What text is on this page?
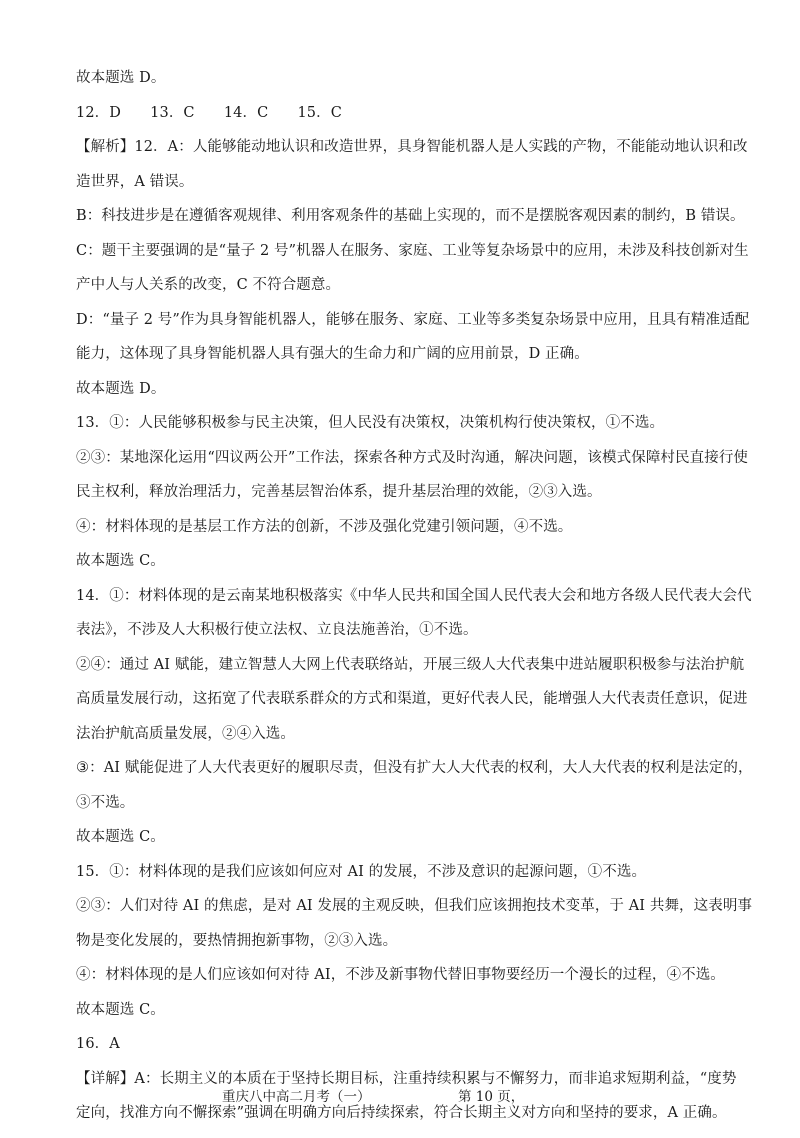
故本题选 D。
12．D　　13．C　　14．C　　15．C
【解析】12．A：人能够能动地认识和改造世界，具身智能机器人是人实践的产物，不能能动地认识和改
造世界，A 错误。
B：科技进步是在遵循客观规律、利用客观条件的基础上实现的，而不是摆脱客观因素的制约，B 错误。
C：题干主要强调的是“量子 2 号”机器人在服务、家庭、工业等复杂场景中的应用，未涉及科技创新对生
产中人与人关系的改变，C 不符合题意。
D：“量子 2 号”作为具身智能机器人，能够在服务、家庭、工业等多类复杂场景中应用，且具有精准适配
能力，这体现了具身智能机器人具有强大的生命力和广阔的应用前景，D 正确。
故本题选 D。
13．①：人民能够积极参与民主决策，但人民没有决策权，决策机构行使决策权，①不选。
②③：某地深化运用“四议两公开”工作法，探索各种方式及时沟通，解决问题，该模式保障村民直接行使
民主权利，释放治理活力，完善基层智治体系，提升基层治理的效能，②③入选。
④：材料体现的是基层工作方法的创新，不涉及强化党建引领问题，④不选。
故本题选 C。
14．①：材料体现的是云南某地积极落实《中华人民共和国全国人民代表大会和地方各级人民代表大会代
表法》，不涉及人大积极行使立法权、立良法施善治，①不选。
②④：通过 AI 赋能，建立智慧人大网上代表联络站，开展三级人大代表集中进站履职积极参与法治护航
高质量发展行动，这拓宽了代表联系群众的方式和渠道，更好代表人民，能增强人大代表责任意识，促进
法治护航高质量发展，②④入选。
③：AI 赋能促进了人大代表更好的履职尽责，但没有扩大人大代表的权利，大人大代表的权利是法定的，
③不选。
故本题选 C。
15．①：材料体现的是我们应该如何应对 AI 的发展，不涉及意识的起源问题，①不选。
②③：人们对待 AI 的焦虑，是对 AI 发展的主观反映，但我们应该拥抱技术变革，于 AI 共舞，这表明事
物是变化发展的，要热情拥抱新事物，②③入选。
④：材料体现的是人们应该如何对待 AI，不涉及新事物代替旧事物要经历一个漫长的过程，④不选。
故本题选 C。
16．A
【详解】A：长期主义的本质在于坚持长期目标，注重持续积累与不懈努力，而非追求短期利益，“度势
定向，找准方向不懈探索”强调在明确方向后持续探索，符合长期主义对方向和坚持的要求，A 正确。
重庆八中高二月考（一）	第 10 页，
